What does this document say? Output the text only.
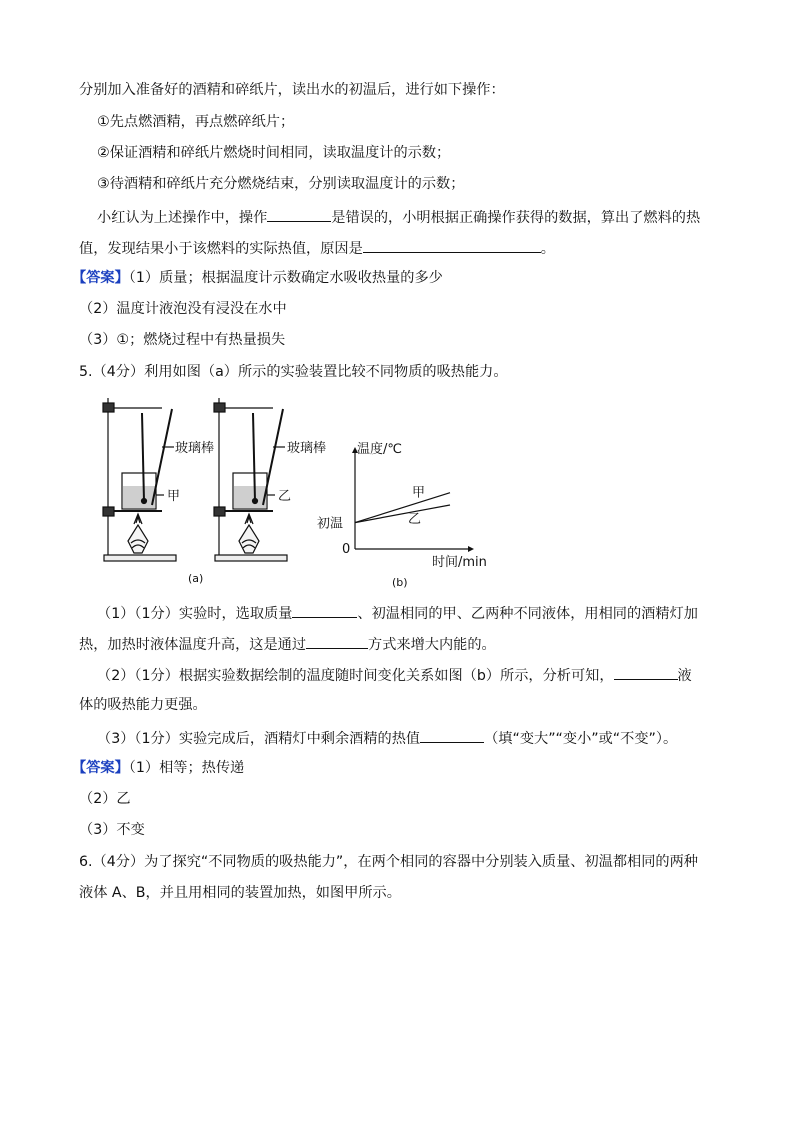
分别加入准备好的酒精和碎纸片，读出水的初温后，进行如下操作：
①先点燃酒精，再点燃碎纸片；
②保证酒精和碎纸片燃烧时间相同，读取温度计的示数；
③待酒精和碎纸片充分燃烧结束，分别读取温度计的示数；
小红认为上述操作中，操作	是错误的，小明根据正确操作获得的数据，算出了燃料的热
值，发现结果小于该燃料的实际热值，原因是	。
【答案】（1）质量；根据温度计示数确定水吸收热量的多少
（2）温度计液泡没有浸没在水中
（3）①；燃烧过程中有热量损失
5.（4分）利用如图（a）所示的实验装置比较不同物质的吸热能力。
玻璃棒
甲
(a)
玻璃棒
乙	甲
乙
温度/℃
时间/min
0
初温
(b)
（1）（1分）实验时，选取质量	、初温相同的甲、乙两种不同液体，用相同的酒精灯加
热，加热时液体温度升高，这是通过	方式来增大内能的。
（2）（1分）根据实验数据绘制的温度随时间变化关系如图（b）所示，分析可知，	液
体的吸热能力更强。
（3）（1分）实验完成后，酒精灯中剩余酒精的热值	（填“变大”“变小”或“不变”）。
【答案】（1）相等；热传递
（2）乙
（3）不变
6.（4分）为了探究“不同物质的吸热能力”，在两个相同的容器中分别装入质量、初温都相同的两种
液体 A、B，并且用相同的装置加热，如图甲所示。
